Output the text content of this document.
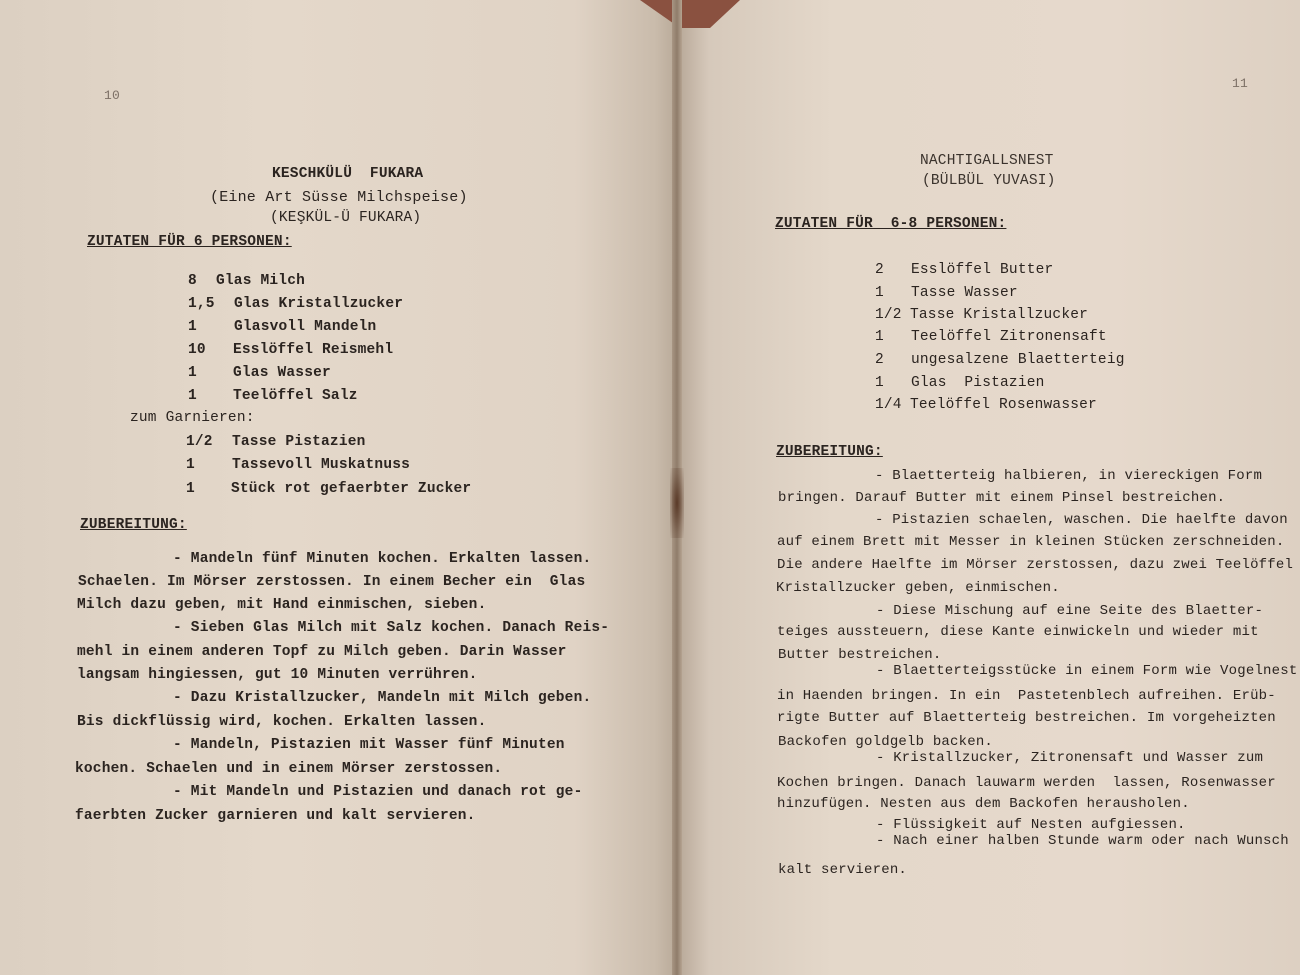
10
KESCHKÜLÜ  FUKARA
(Eine Art Süsse Milchspeise)
(KEŞKÜL-Ü FUKARA)
ZUTATEN FÜR 6 PERSONEN:
8 Glas Milch
1,5 Glas Kristallzucker
1	Glasvoll Mandeln
10 Esslöffel Reismehl
1 Glas Wasser
1 Teelöffel Salz
zum Garnieren:
1/2 Tasse Pistazien
1	Tassevoll Muskatnuss
1 Stück rot gefaerbter Zucker
ZUBEREITUNG:
- Mandeln fünf Minuten kochen. Erkalten lassen.
Schaelen. Im Mörser zerstossen. In einem Becher ein  Glas
Milch dazu geben, mit Hand einmischen, sieben.
- Sieben Glas Milch mit Salz kochen. Danach Reis-
mehl in einem anderen Topf zu Milch geben. Darin Wasser
langsam hingiessen, gut 10 Minuten verrühren.
- Dazu Kristallzucker, Mandeln mit Milch geben.
Bis dickflüssig wird, kochen. Erkalten lassen.
- Mandeln, Pistazien mit Wasser fünf Minuten
kochen. Schaelen und in einem Mörser zerstossen.
- Mit Mandeln und Pistazien und danach rot ge-
faerbten Zucker garnieren und kalt servieren.
11
NACHTIGALLSNEST
(BÜLBÜL YUVASI)
ZUTATEN FÜR  6-8 PERSONEN:
2 Esslöffel Butter
1 Tasse Wasser
1/2 Tasse Kristallzucker
1 Teelöffel Zitronensaft
2 ungesalzene Blaetterteig
1 Glas  Pistazien
1/4 Teelöffel Rosenwasser
ZUBEREITUNG:
- Blaetterteig halbieren, in viereckigen Form
bringen. Darauf Butter mit einem Pinsel bestreichen.
- Pistazien schaelen, waschen. Die haelfte davon
auf einem Brett mit Messer in kleinen Stücken zerschneiden.
Die andere Haelfte im Mörser zerstossen, dazu zwei Teelöffel
Kristallzucker geben, einmischen.
- Diese Mischung auf eine Seite des Blaetter-
teiges aussteuern, diese Kante einwickeln und wieder mit
Butter bestreichen.
- Blaetterteigsstücke in einem Form wie Vogelnest
in Haenden bringen. In ein  Pastetenblech aufreihen. Erüb-
rigte Butter auf Blaetterteig bestreichen. Im vorgeheizten
Backofen goldgelb backen.
- Kristallzucker, Zitronensaft und Wasser zum
Kochen bringen. Danach lauwarm werden  lassen, Rosenwasser
hinzufügen. Nesten aus dem Backofen herausholen.
- Flüssigkeit auf Nesten aufgiessen.
- Nach einer halben Stunde warm oder nach Wunsch
kalt servieren.
